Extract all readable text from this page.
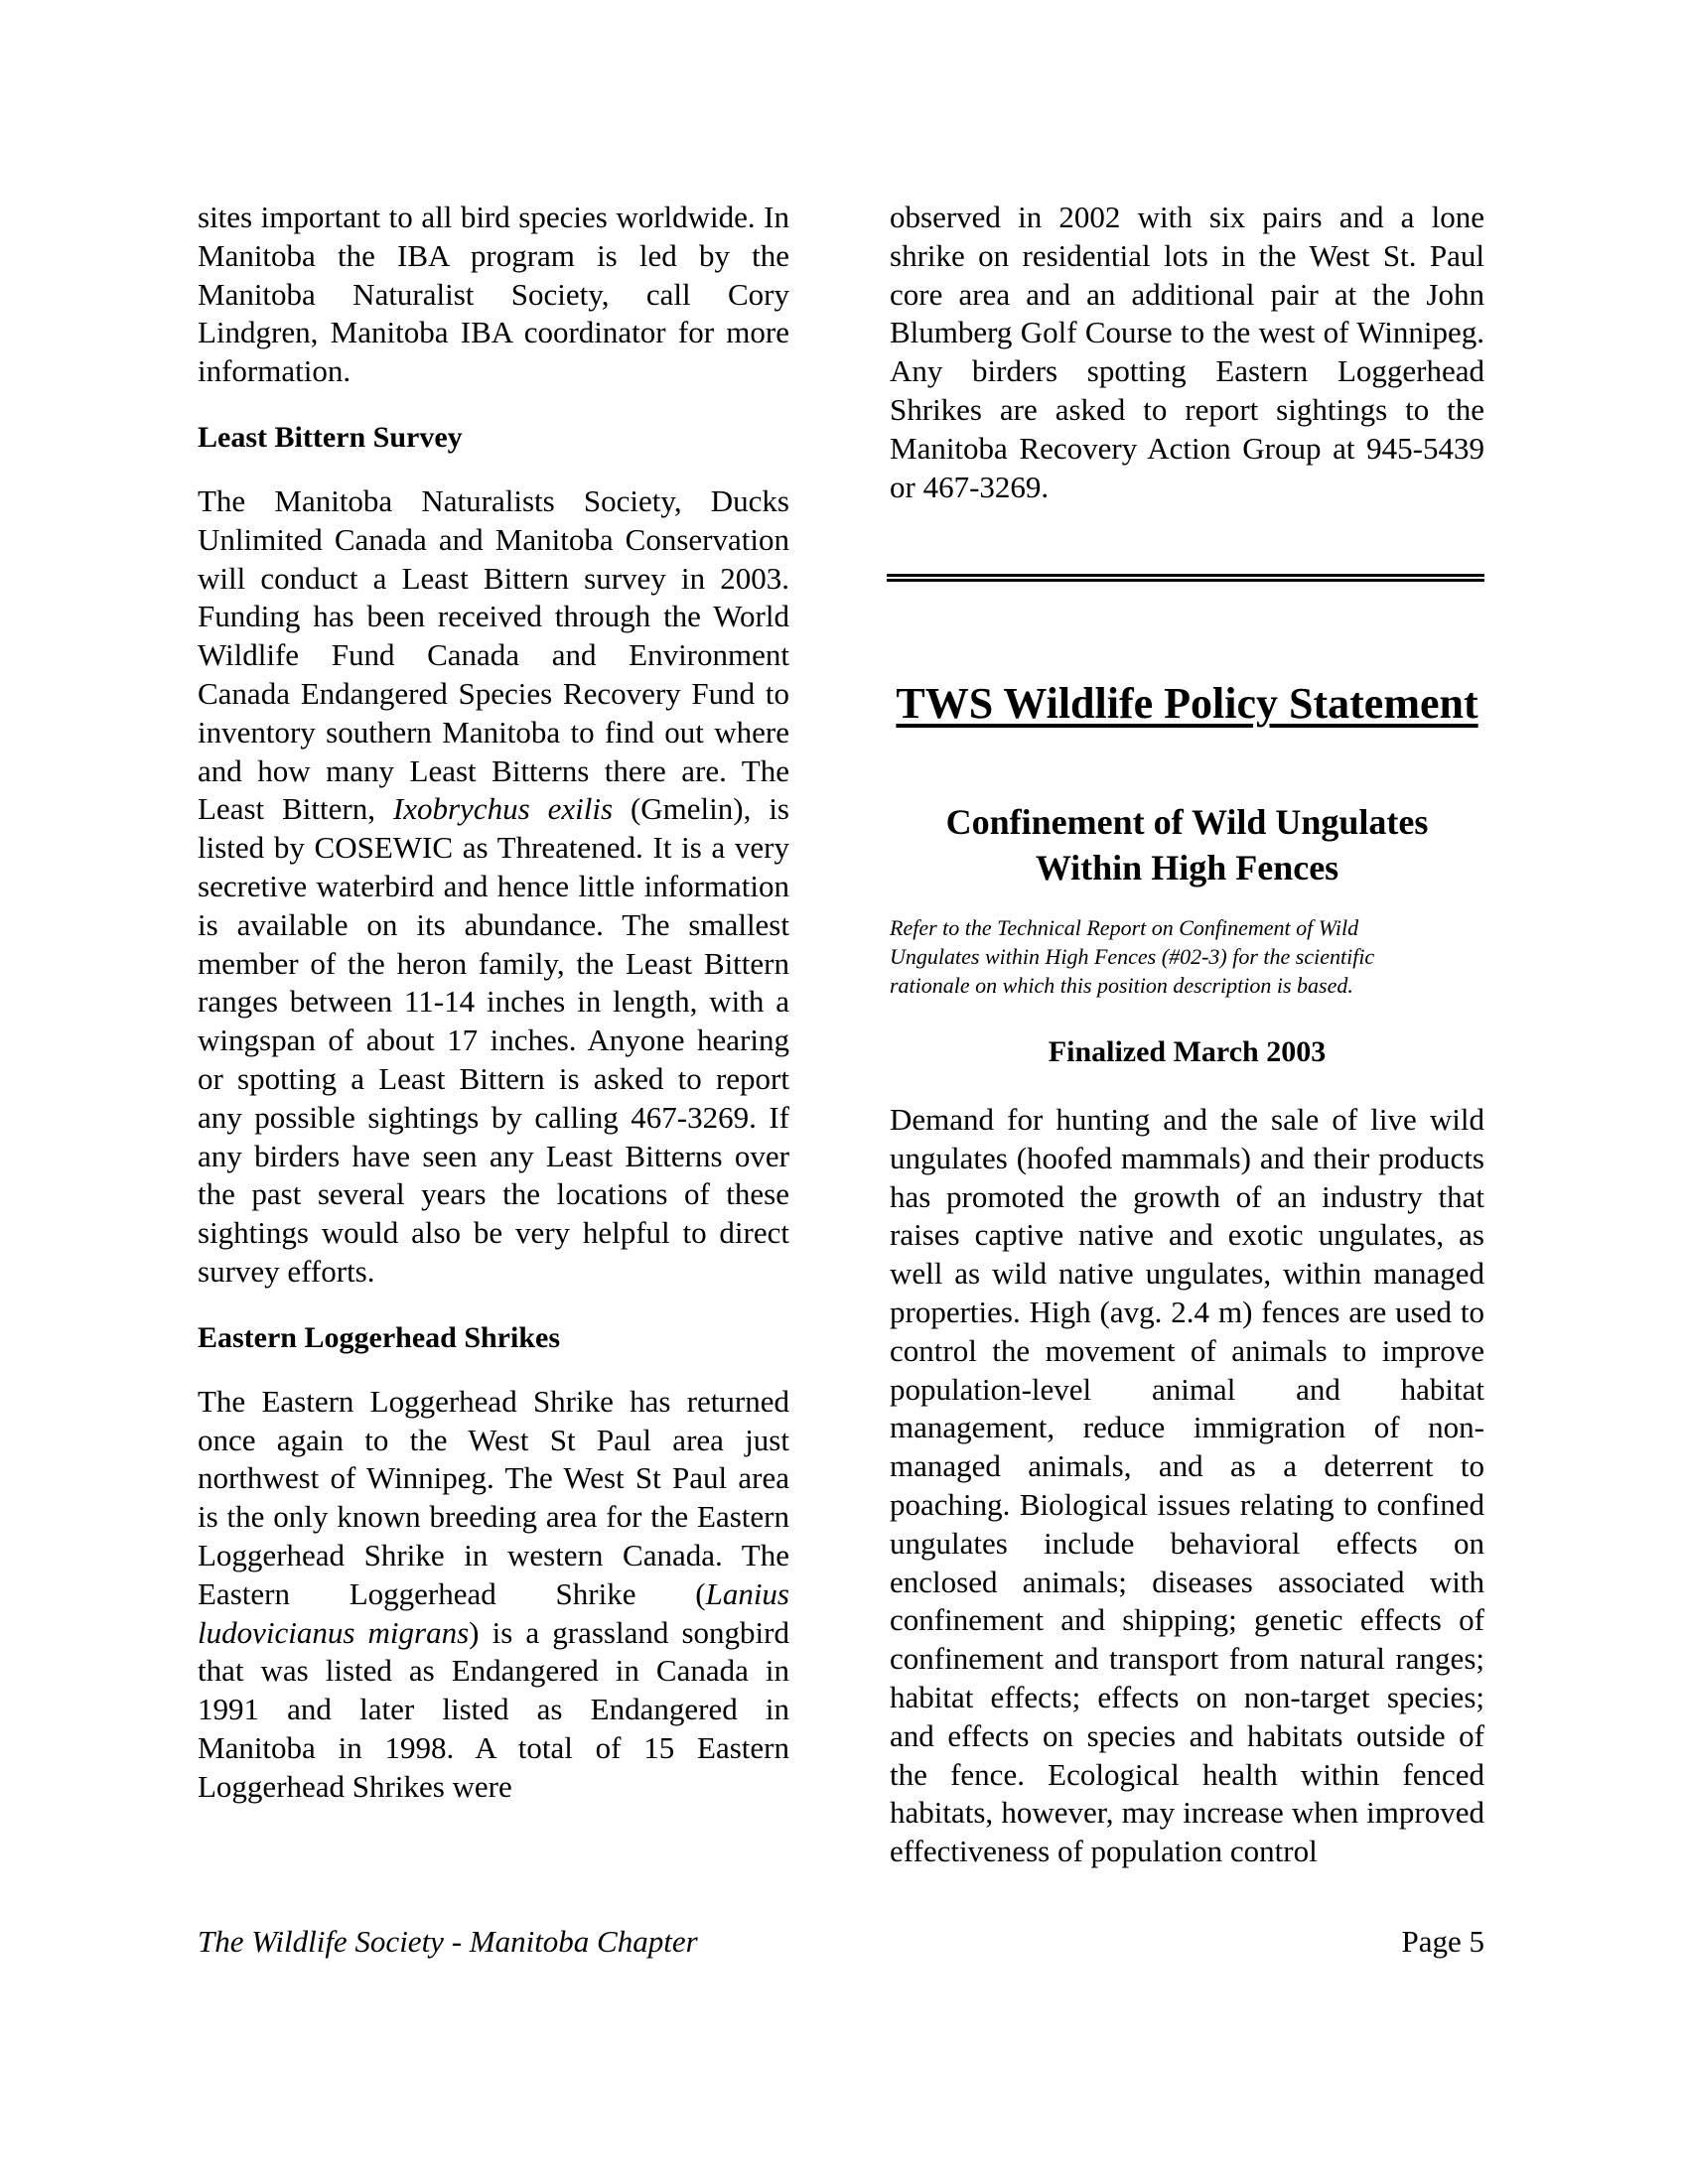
sites important to all bird species worldwide. In Manitoba the IBA program is led by the Manitoba Naturalist Society, call Cory Lindgren, Manitoba IBA coordinator for more information.

Least Bittern Survey

The Manitoba Naturalists Society, Ducks Unlimited Canada and Manitoba Conservation will conduct a Least Bittern survey in 2003. Funding has been received through the World Wildlife Fund Canada and Environment Canada Endangered Species Recovery Fund to inventory southern Manitoba to find out where and how many Least Bitterns there are. The Least Bittern, Ixobrychus exilis (Gmelin), is listed by COSEWIC as Threatened. It is a very secretive waterbird and hence little information is available on its abundance. The smallest member of the heron family, the Least Bittern ranges between 11-14 inches in length, with a wingspan of about 17 inches. Anyone hearing or spotting a Least Bittern is asked to report any possible sightings by calling 467-3269. If any birders have seen any Least Bitterns over the past several years the locations of these sightings would also be very helpful to direct survey efforts.

Eastern Loggerhead Shrikes

The Eastern Loggerhead Shrike has returned once again to the West St Paul area just northwest of Winnipeg. The West St Paul area is the only known breeding area for the Eastern Loggerhead Shrike in western Canada. The Eastern Loggerhead Shrike (Lanius ludovicianus migrans) is a grassland songbird that was listed as Endangered in Canada in 1991 and later listed as Endangered in Manitoba in 1998. A total of 15 Eastern Loggerhead Shrikes were

observed in 2002 with six pairs and a lone shrike on residential lots in the West St. Paul core area and an additional pair at the John Blumberg Golf Course to the west of Winnipeg. Any birders spotting Eastern Loggerhead Shrikes are asked to report sightings to the Manitoba Recovery Action Group at 945-5439 or 467-3269.

TWS Wildlife Policy Statement
Confinement of Wild Ungulates
Within High Fences

Refer to the Technical Report on Confinement of Wild Ungulates within High Fences (#02-3) for the scientific rationale on which this position description is based.

Finalized March 2003

Demand for hunting and the sale of live wild ungulates (hoofed mammals) and their products has promoted the growth of an industry that raises captive native and exotic ungulates, as well as wild native ungulates, within managed properties. High (avg. 2.4 m) fences are used to control the movement of animals to improve population-level animal and habitat management, reduce immigration of non-managed animals, and as a deterrent to poaching. Biological issues relating to confined ungulates include behavioral effects on enclosed animals; diseases associated with confinement and shipping; genetic effects of confinement and transport from natural ranges; habitat effects; effects on non-target species; and effects on species and habitats outside of the fence. Ecological health within fenced habitats, however, may increase when improved effectiveness of population control

The Wildlife Society - Manitoba Chapter	Page 5
